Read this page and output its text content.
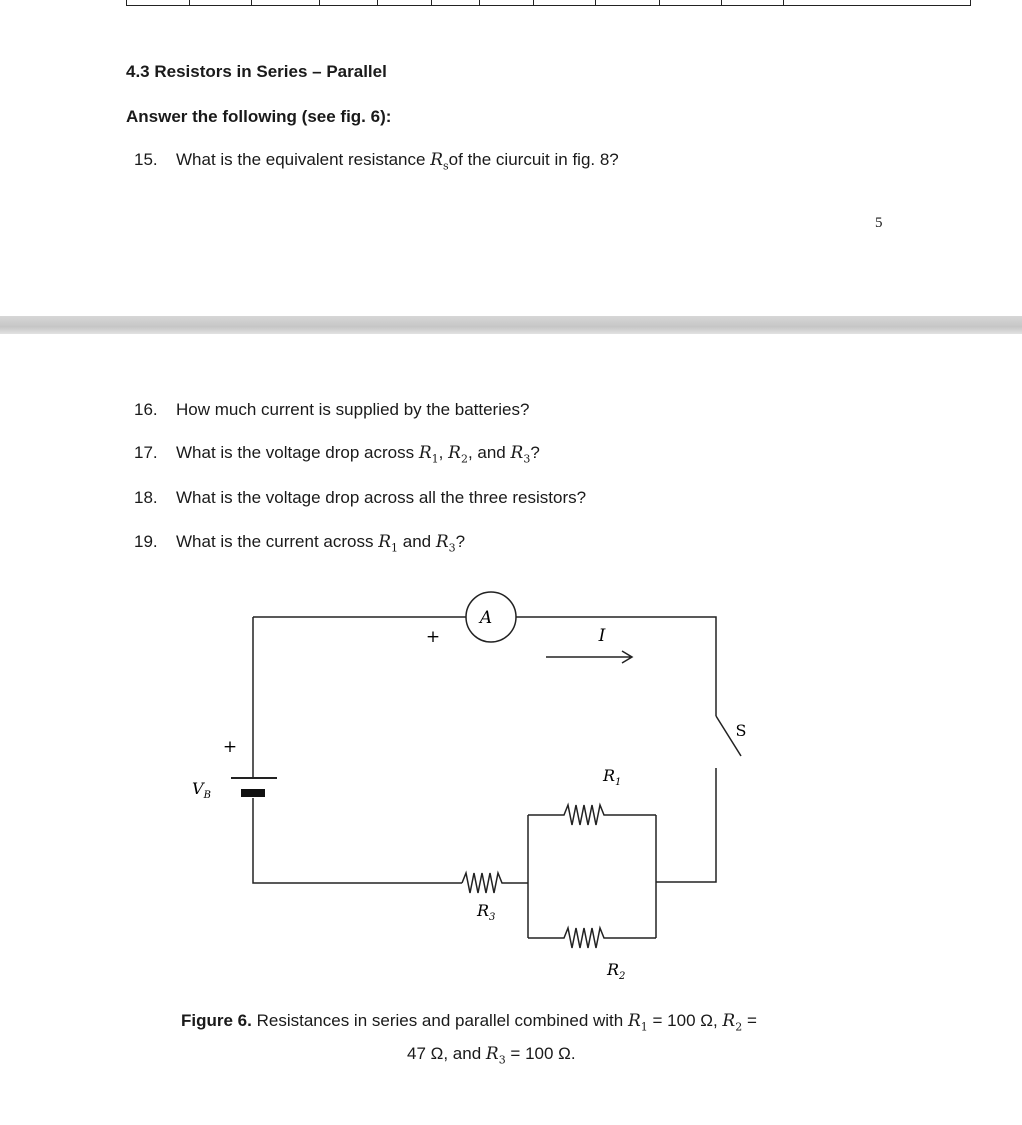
4.3 Resistors in Series – Parallel
Answer the following (see fig. 6):
15. What is the equivalent resistance $R_sof$ the ciurcuit in fig. 8?
5
16. How much current is supplied by the batteries?
17. What is the voltage drop across $R_1$, $R_2$, and $R_3$?
18. What is the voltage drop across all the three resistors?
19. What is the current across $R_1$ and $R_3$?
A
+	I
S
+
$V_B$
$R_1$
$R_3$
$R_2$
Figure 6. Resistances in series and parallel combined with $R_1 = 100$ Ω, $R_2$ =
47 Ω, and $R_3 = 100$ Ω.
